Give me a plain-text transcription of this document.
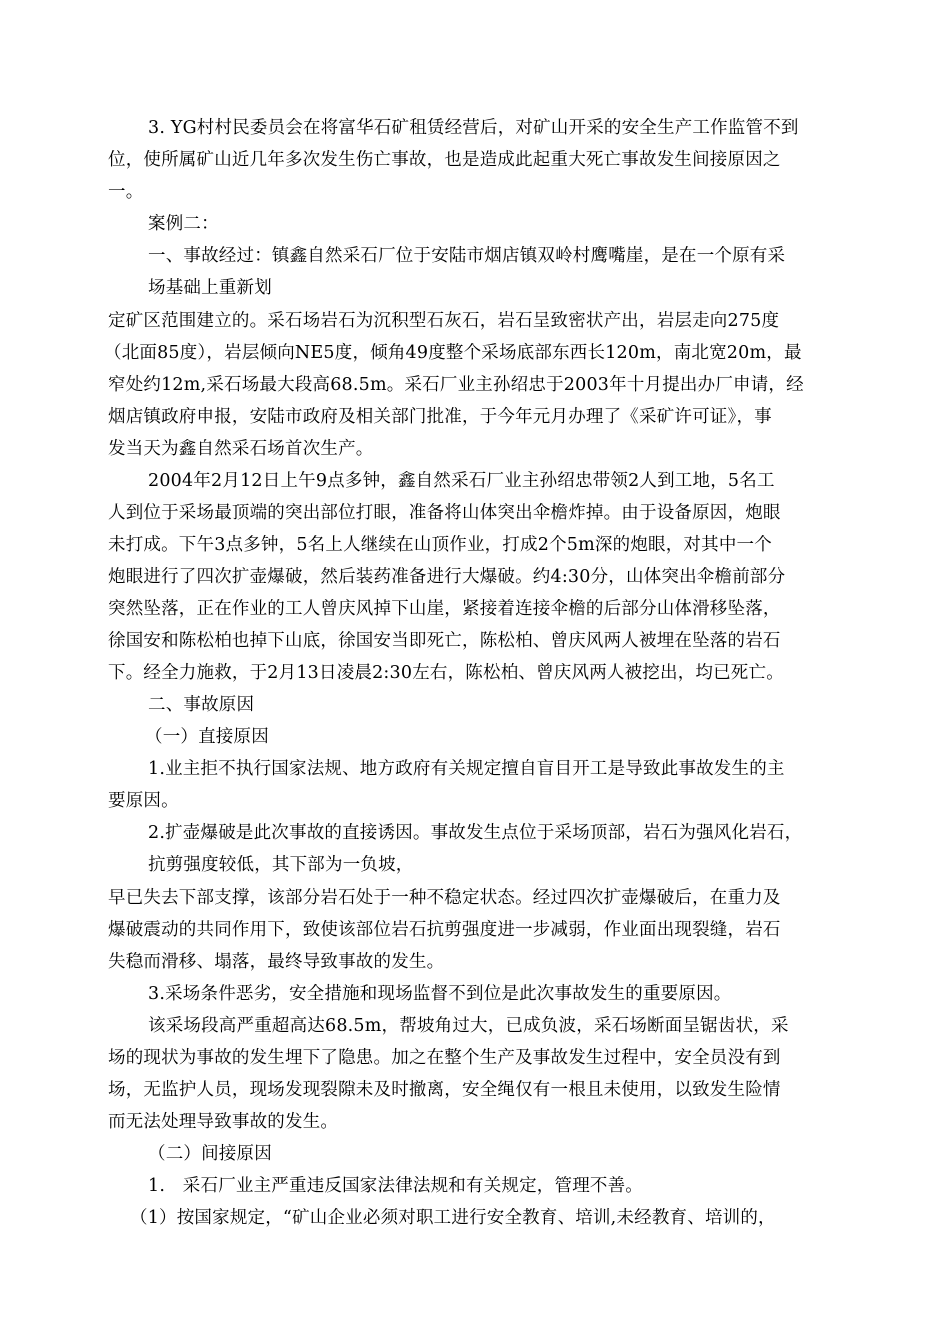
3. YG村村民委员会在将富华石矿租赁经营后，对矿山开采的安全生产工作监管不到
位，使所属矿山近几年多次发生伤亡事故，也是造成此起重大死亡事故发生间接原因之
一。
案例二：
一、事故经过：镇鑫自然采石厂位于安陆市烟店镇双岭村鹰嘴崖，是在一个原有采
场基础上重新划
定矿区范围建立的。采石场岩石为沉积型石灰石，岩石呈致密状产出，岩层走向275度
（北面85度），岩层倾向NE5度，倾角49度整个采场底部东西长120m，南北宽20m，最
窄处约12m,采石场最大段高68.5m。采石厂业主孙绍忠于2003年十月提出办厂申请，经
烟店镇政府申报，安陆市政府及相关部门批准，于今年元月办理了《采矿许可证》，事
发当天为鑫自然采石场首次生产。
2004年2月12日上午9点多钟，鑫自然采石厂业主孙绍忠带领2人到工地，5名工
人到位于采场最顶端的突出部位打眼，准备将山体突出伞檐炸掉。由于设备原因，炮眼
未打成。下午3点多钟，5名上人继续在山顶作业，打成2个5m深的炮眼，对其中一个
炮眼进行了四次扩壶爆破，然后装药准备进行大爆破。约4:30分，山体突出伞檐前部分
突然坠落，正在作业的工人曾庆风掉下山崖，紧接着连接伞檐的后部分山体滑移坠落，
徐国安和陈松柏也掉下山底，徐国安当即死亡，陈松柏、曾庆风两人被埋在坠落的岩石
下。经全力施救，于2月13日凌晨2:30左右，陈松柏、曾庆风两人被挖出，均已死亡。
二、事故原因
（一）直接原因
1.业主拒不执行国家法规、地方政府有关规定擅自盲目开工是导致此事故发生的主
要原因。
2.扩壶爆破是此次事故的直接诱因。事故发生点位于采场顶部，岩石为强风化岩石，
抗剪强度较低，其下部为一负坡，
早已失去下部支撑，该部分岩石处于一种不稳定状态。经过四次扩壶爆破后，在重力及
爆破震动的共同作用下，致使该部位岩石抗剪强度进一步减弱，作业面出现裂缝，岩石
失稳而滑移、塌落，最终导致事故的发生。
3.采场条件恶劣，安全措施和现场监督不到位是此次事故发生的重要原因。
该采场段高严重超高达68.5m，帮坡角过大，已成负波，采石场断面呈锯齿状，采
场的现状为事故的发生埋下了隐患。加之在整个生产及事故发生过程中，安全员没有到
场，无监护人员，现场发现裂隙未及时撤离，安全绳仅有一根且未使用，以致发生险情
而无法处理导致事故的发生。
（二）间接原因
1.　采石厂业主严重违反国家法律法规和有关规定，管理不善。
（1）按国家规定，“矿山企业必须对职工进行安全教育、培训,未经教育、培训的，
